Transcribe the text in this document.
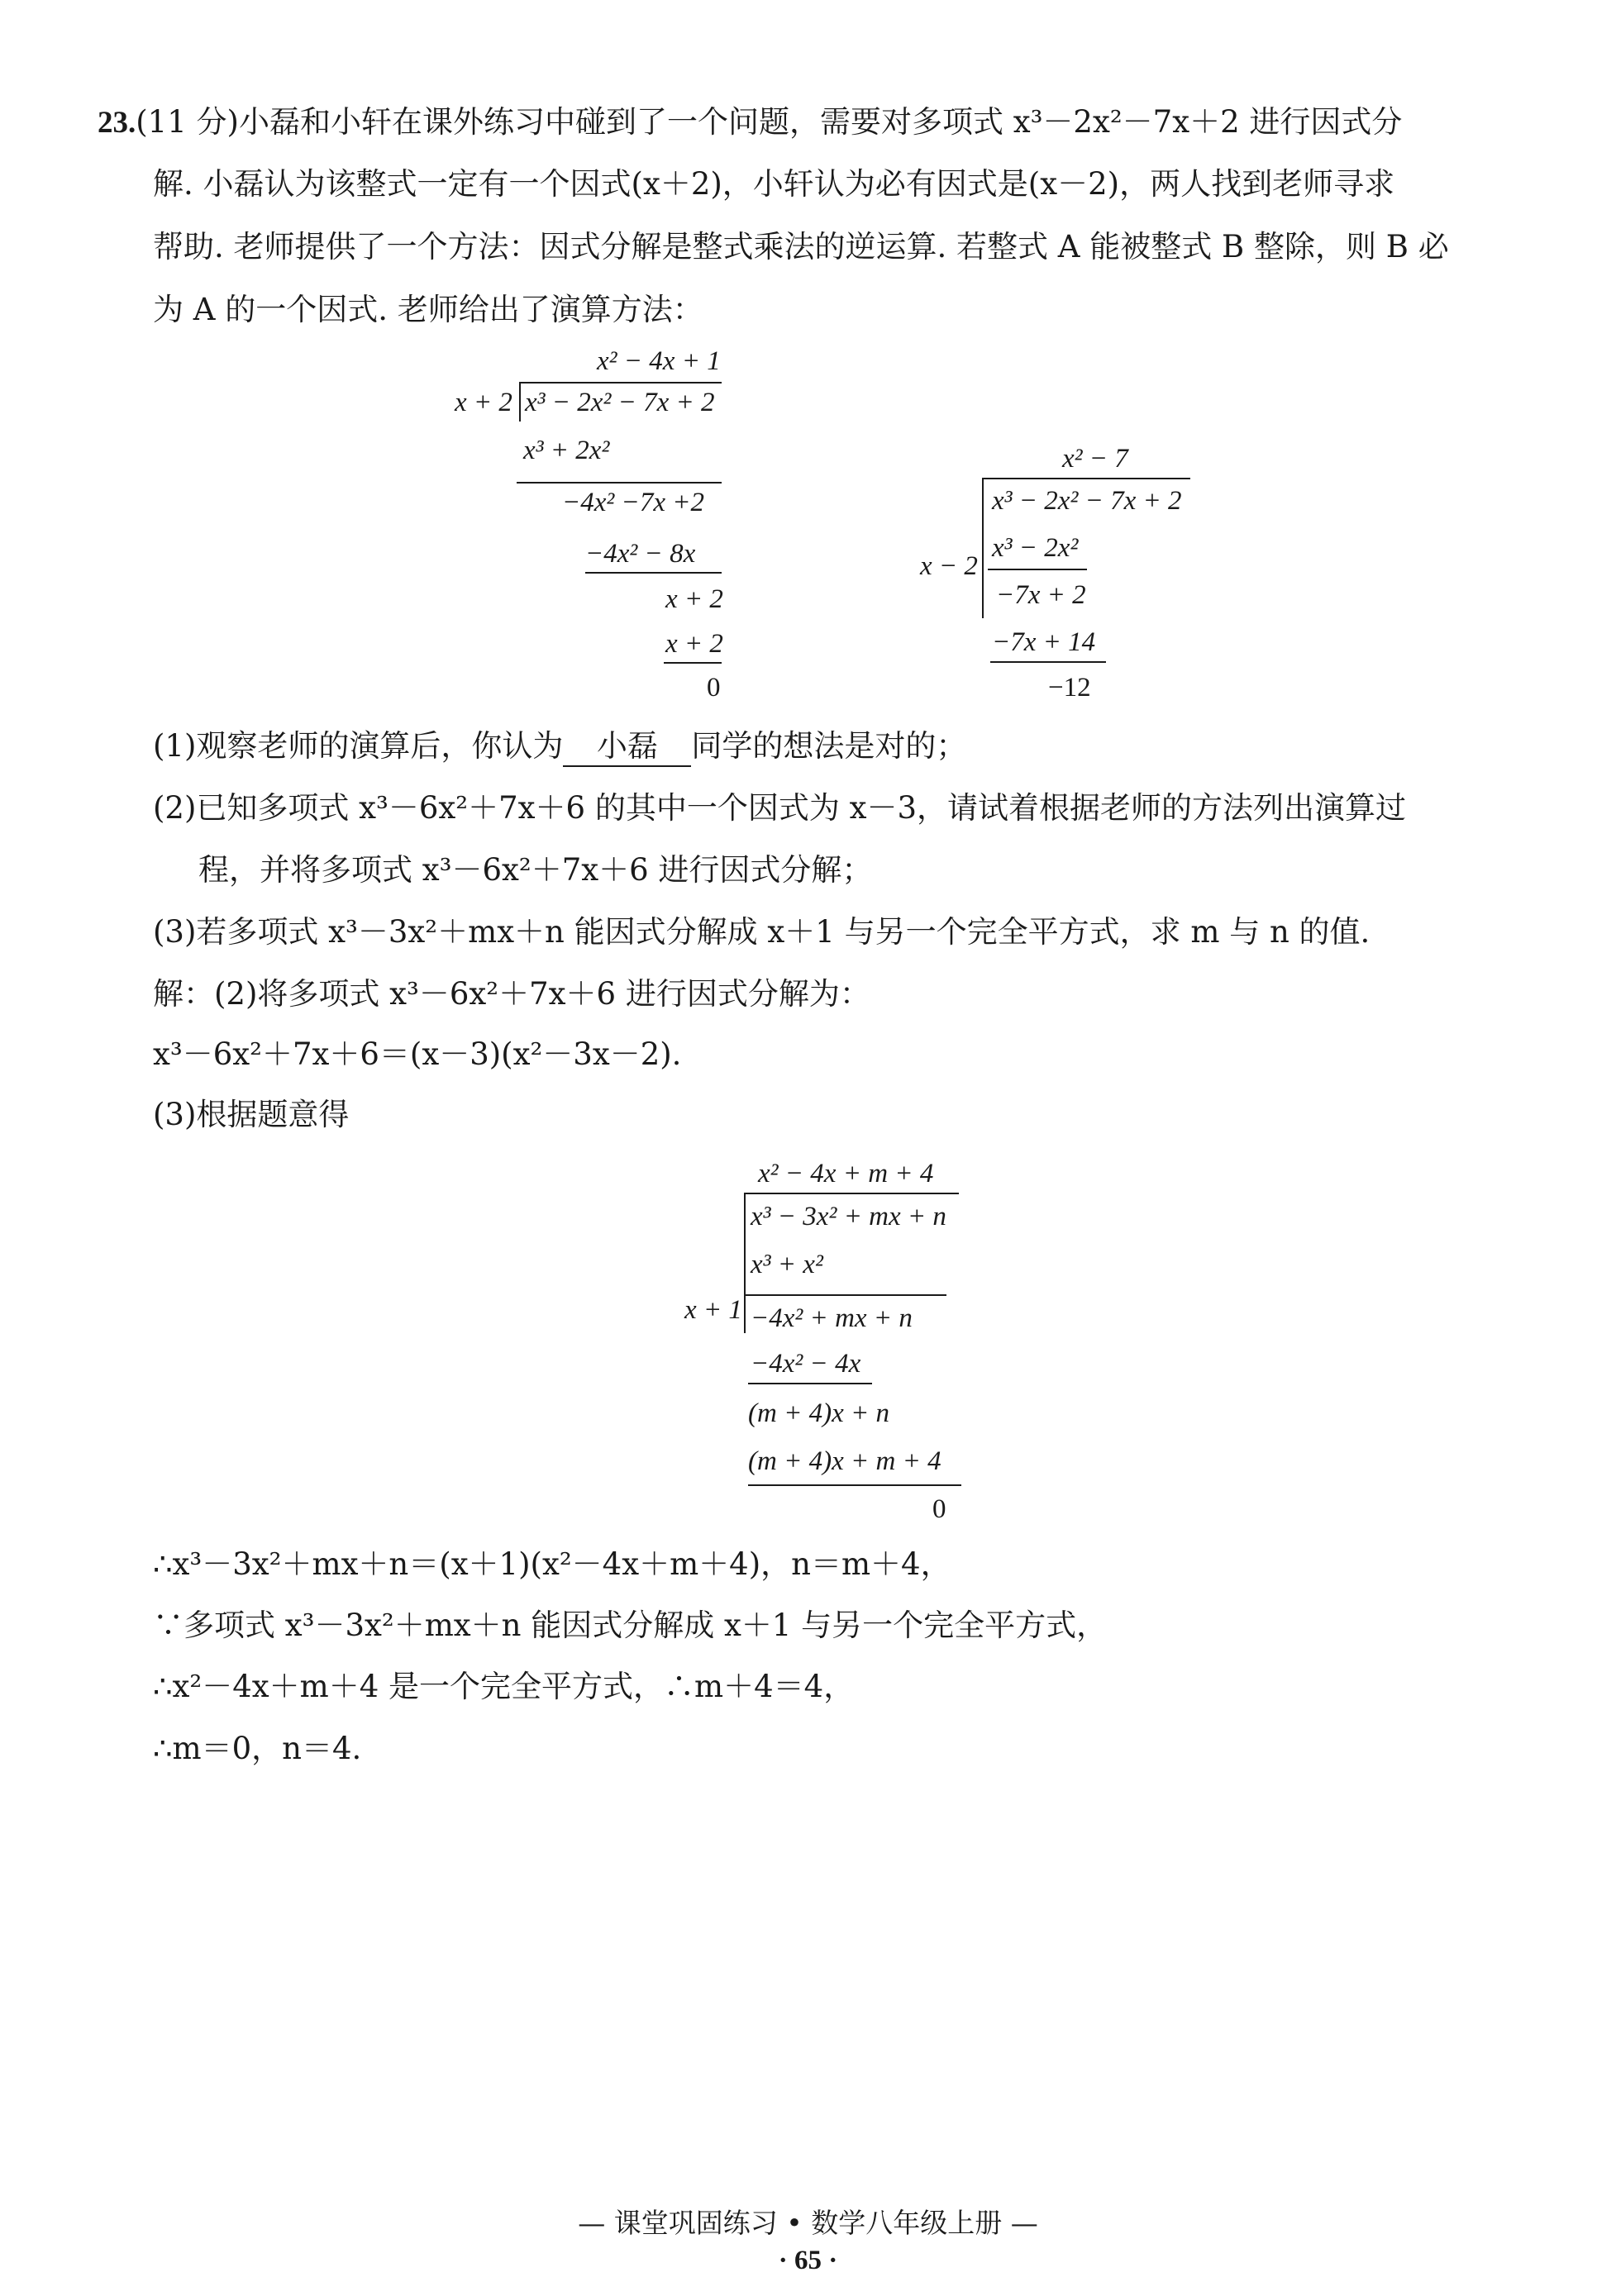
23.(11 分)小磊和小轩在课外练习中碰到了一个问题，需要对多项式 x³－2x²－7x＋2 进行因式分
解. 小磊认为该整式一定有一个因式(x＋2)，小轩认为必有因式是(x－2)，两人找到老师寻求
帮助. 老师提供了一个方法：因式分解是整式乘法的逆运算. 若整式 A 能被整式 B 整除，则 B 必
为 A 的一个因式. 老师给出了演算方法：
x² − 4x + 1
x + 2 x³ − 2x² − 7x + 2
x³ + 2x²
−4x² −7x +2
−4x² − 8x
x + 2
x + 2
0
x² − 7
x − 2
x³ − 2x² − 7x + 2
x³ − 2x²
−7x + 2
−7x + 14
−12
(1)观察老师的演算后，你认为 小磊 同学的想法是对的；
(2)已知多项式 x³－6x²＋7x＋6 的其中一个因式为 x－3，请试着根据老师的方法列出演算过
程，并将多项式 x³－6x²＋7x＋6 进行因式分解；
(3)若多项式 x³－3x²＋mx＋n 能因式分解成 x＋1 与另一个完全平方式，求 m 与 n 的值.
解：(2)将多项式 x³－6x²＋7x＋6 进行因式分解为：
x³－6x²＋7x＋6＝(x－3)(x²－3x－2).
(3)根据题意得
x² − 4x + m + 4
x + 1
x³ − 3x² + mx + n
x³ + x²
−4x² + mx + n
−4x² − 4x
(m + 4)x + n
(m + 4)x + m + 4
0
∴x³－3x²＋mx＋n＝(x＋1)(x²－4x＋m＋4)，n＝m＋4，
∵多项式 x³－3x²＋mx＋n 能因式分解成 x＋1 与另一个完全平方式，
∴x²－4x＋m＋4 是一个完全平方式，∴m＋4＝4，
∴m＝0，n＝4.
— 课堂巩固练习 • 数学八年级上册 —
· 65 ·
